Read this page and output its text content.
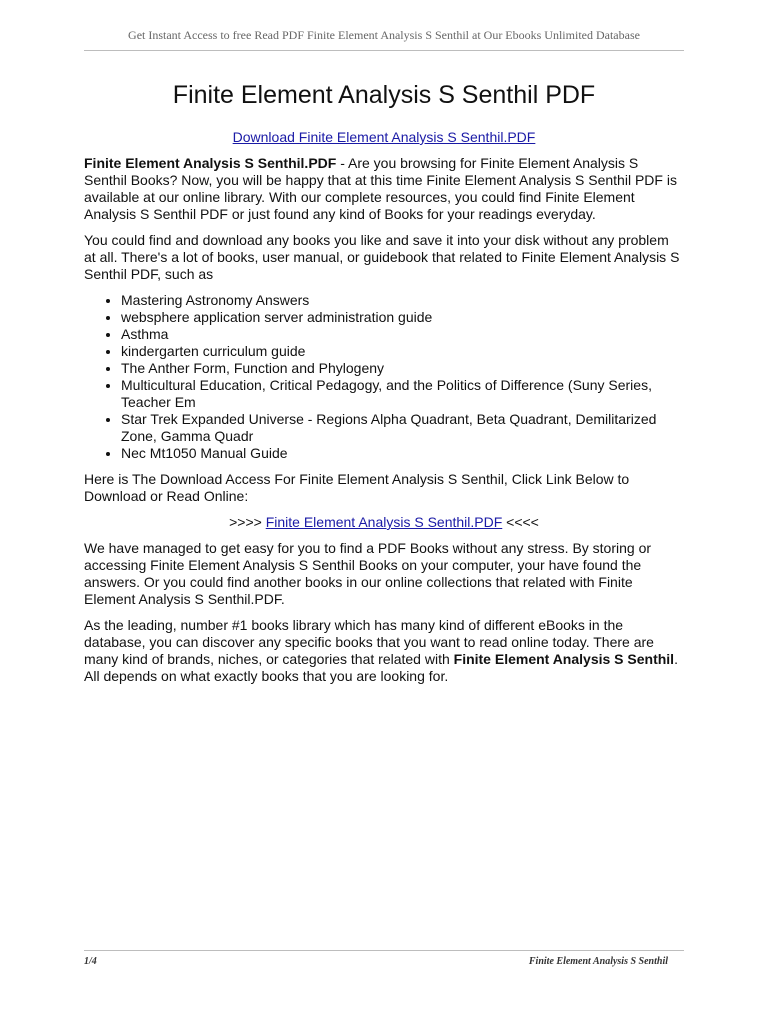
Get Instant Access to free Read PDF Finite Element Analysis S Senthil at Our Ebooks Unlimited Database
Finite Element Analysis S Senthil PDF
Download Finite Element Analysis S Senthil.PDF

Finite Element Analysis S Senthil.PDF - Are you browsing for Finite Element Analysis S Senthil Books? Now, you will be happy that at this time Finite Element Analysis S Senthil PDF is available at our online library. With our complete resources, you could find Finite Element Analysis S Senthil PDF or just found any kind of Books for your readings everyday.

You could find and download any books you like and save it into your disk without any problem at all. There's a lot of books, user manual, or guidebook that related to Finite Element Analysis S Senthil PDF, such as

• Mastering Astronomy Answers
• websphere application server administration guide
• Asthma
• kindergarten curriculum guide
• The Anther Form, Function and Phylogeny
• Multicultural Education, Critical Pedagogy, and the Politics of Difference (Suny Series, Teacher Em
• Star Trek Expanded Universe - Regions Alpha Quadrant, Beta Quadrant, Demilitarized Zone, Gamma Quadr
• Nec Mt1050 Manual Guide

Here is The Download Access For Finite Element Analysis S Senthil, Click Link Below to Download or Read Online:

>>>> Finite Element Analysis S Senthil.PDF <<<<

We have managed to get easy for you to find a PDF Books without any stress. By storing or accessing Finite Element Analysis S Senthil Books on your computer, your have found the answers. Or you could find another books in our online collections that related with Finite Element Analysis S Senthil.PDF.

As the leading, number #1 books library which has many kind of different eBooks in the database, you can discover any specific books that you want to read online today. There are many kind of brands, niches, or categories that related with Finite Element Analysis S Senthil. All depends on what exactly books that you are looking for.

1/4	Finite Element Analysis S Senthil
